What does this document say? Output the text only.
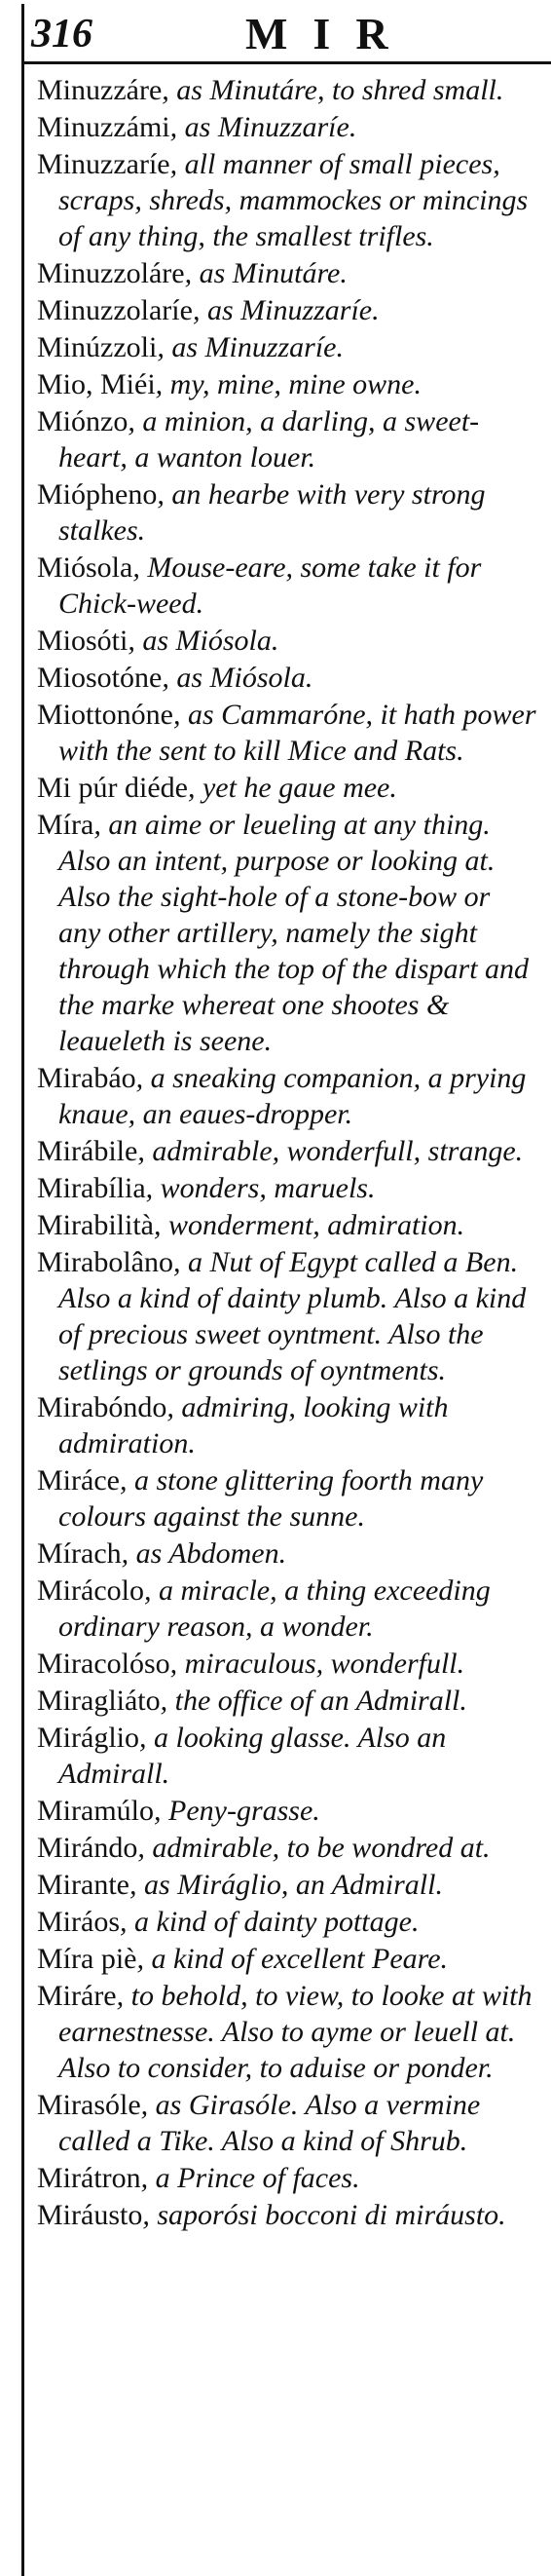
316	MIR

Minuzzáre, as Minutáre, to shred small.

Minuzzámi, as Minuzzaríe.

Minuzzaríe, all manner of small pieces, scraps, shreds, mammockes or mincings of any thing, the smallest trifles.

Minuzzoláre, as Minutáre.

Minuzzolaríe, as Minuzzaríe.

Minúzzoli, as Minuzzaríe.

Mio, Miéi, my, mine, mine owne.

Miónzo, a minion, a darling, a sweet-heart, a wanton louer.

Miópheno, an hearbe with very strong stalkes.

Miósola, Mouse-eare, some take it for Chick-weed.

Miosóti, as Miósola.

Miosotóne, as Miósola.

Miottonóne, as Cammaróne, it hath power with the sent to kill Mice and Rats.

Mi púr diéde, yet he gaue mee.

Míra, an aime or leueling at any thing. Also an intent, purpose or looking at. Also the sight-hole of a stone-bow or any other artillery, namely the sight through which the top of the dispart and the marke whereat one shootes & leaueleth is seene.

Mirabáo, a sneaking companion, a prying knaue, an eaues-dropper.

Mirábile, admirable, wonderfull, strange.

Mirabília, wonders, maruels.

Mirabilità, wonderment, admiration.

Mirabolâno, a Nut of Egypt called a Ben. Also a kind of dainty plumb. Also a kind of precious sweet oyntment. Also the setlings or grounds of oyntments.

Mirabóndo, admiring, looking with admiration.

Miráce, a stone glittering foorth many colours against the sunne.

Mírach, as Abdomen.

Mirácolo, a miracle, a thing exceeding ordinary reason, a wonder.

Miracolóso, miraculous, wonderfull.

Miragliáto, the office of an Admirall.

Miráglio, a looking glasse. Also an Admirall.

Miramúlo, Peny-grasse.

Mirándo, admirable, to be wondred at.

Mirante, as Miráglio, an Admirall.

Miráos, a kind of dainty pottage.

Míra piè, a kind of excellent Peare.

Miráre, to behold, to view, to looke at with earnestnesse. Also to ayme or leuell at. Also to consider, to aduise or ponder.

Mirasóle, as Girasóle. Also a vermine called a Tike. Also a kind of Shrub.

Mirátron, a Prince of faces.

Miráusto, saporósi bocconi di miráusto.
